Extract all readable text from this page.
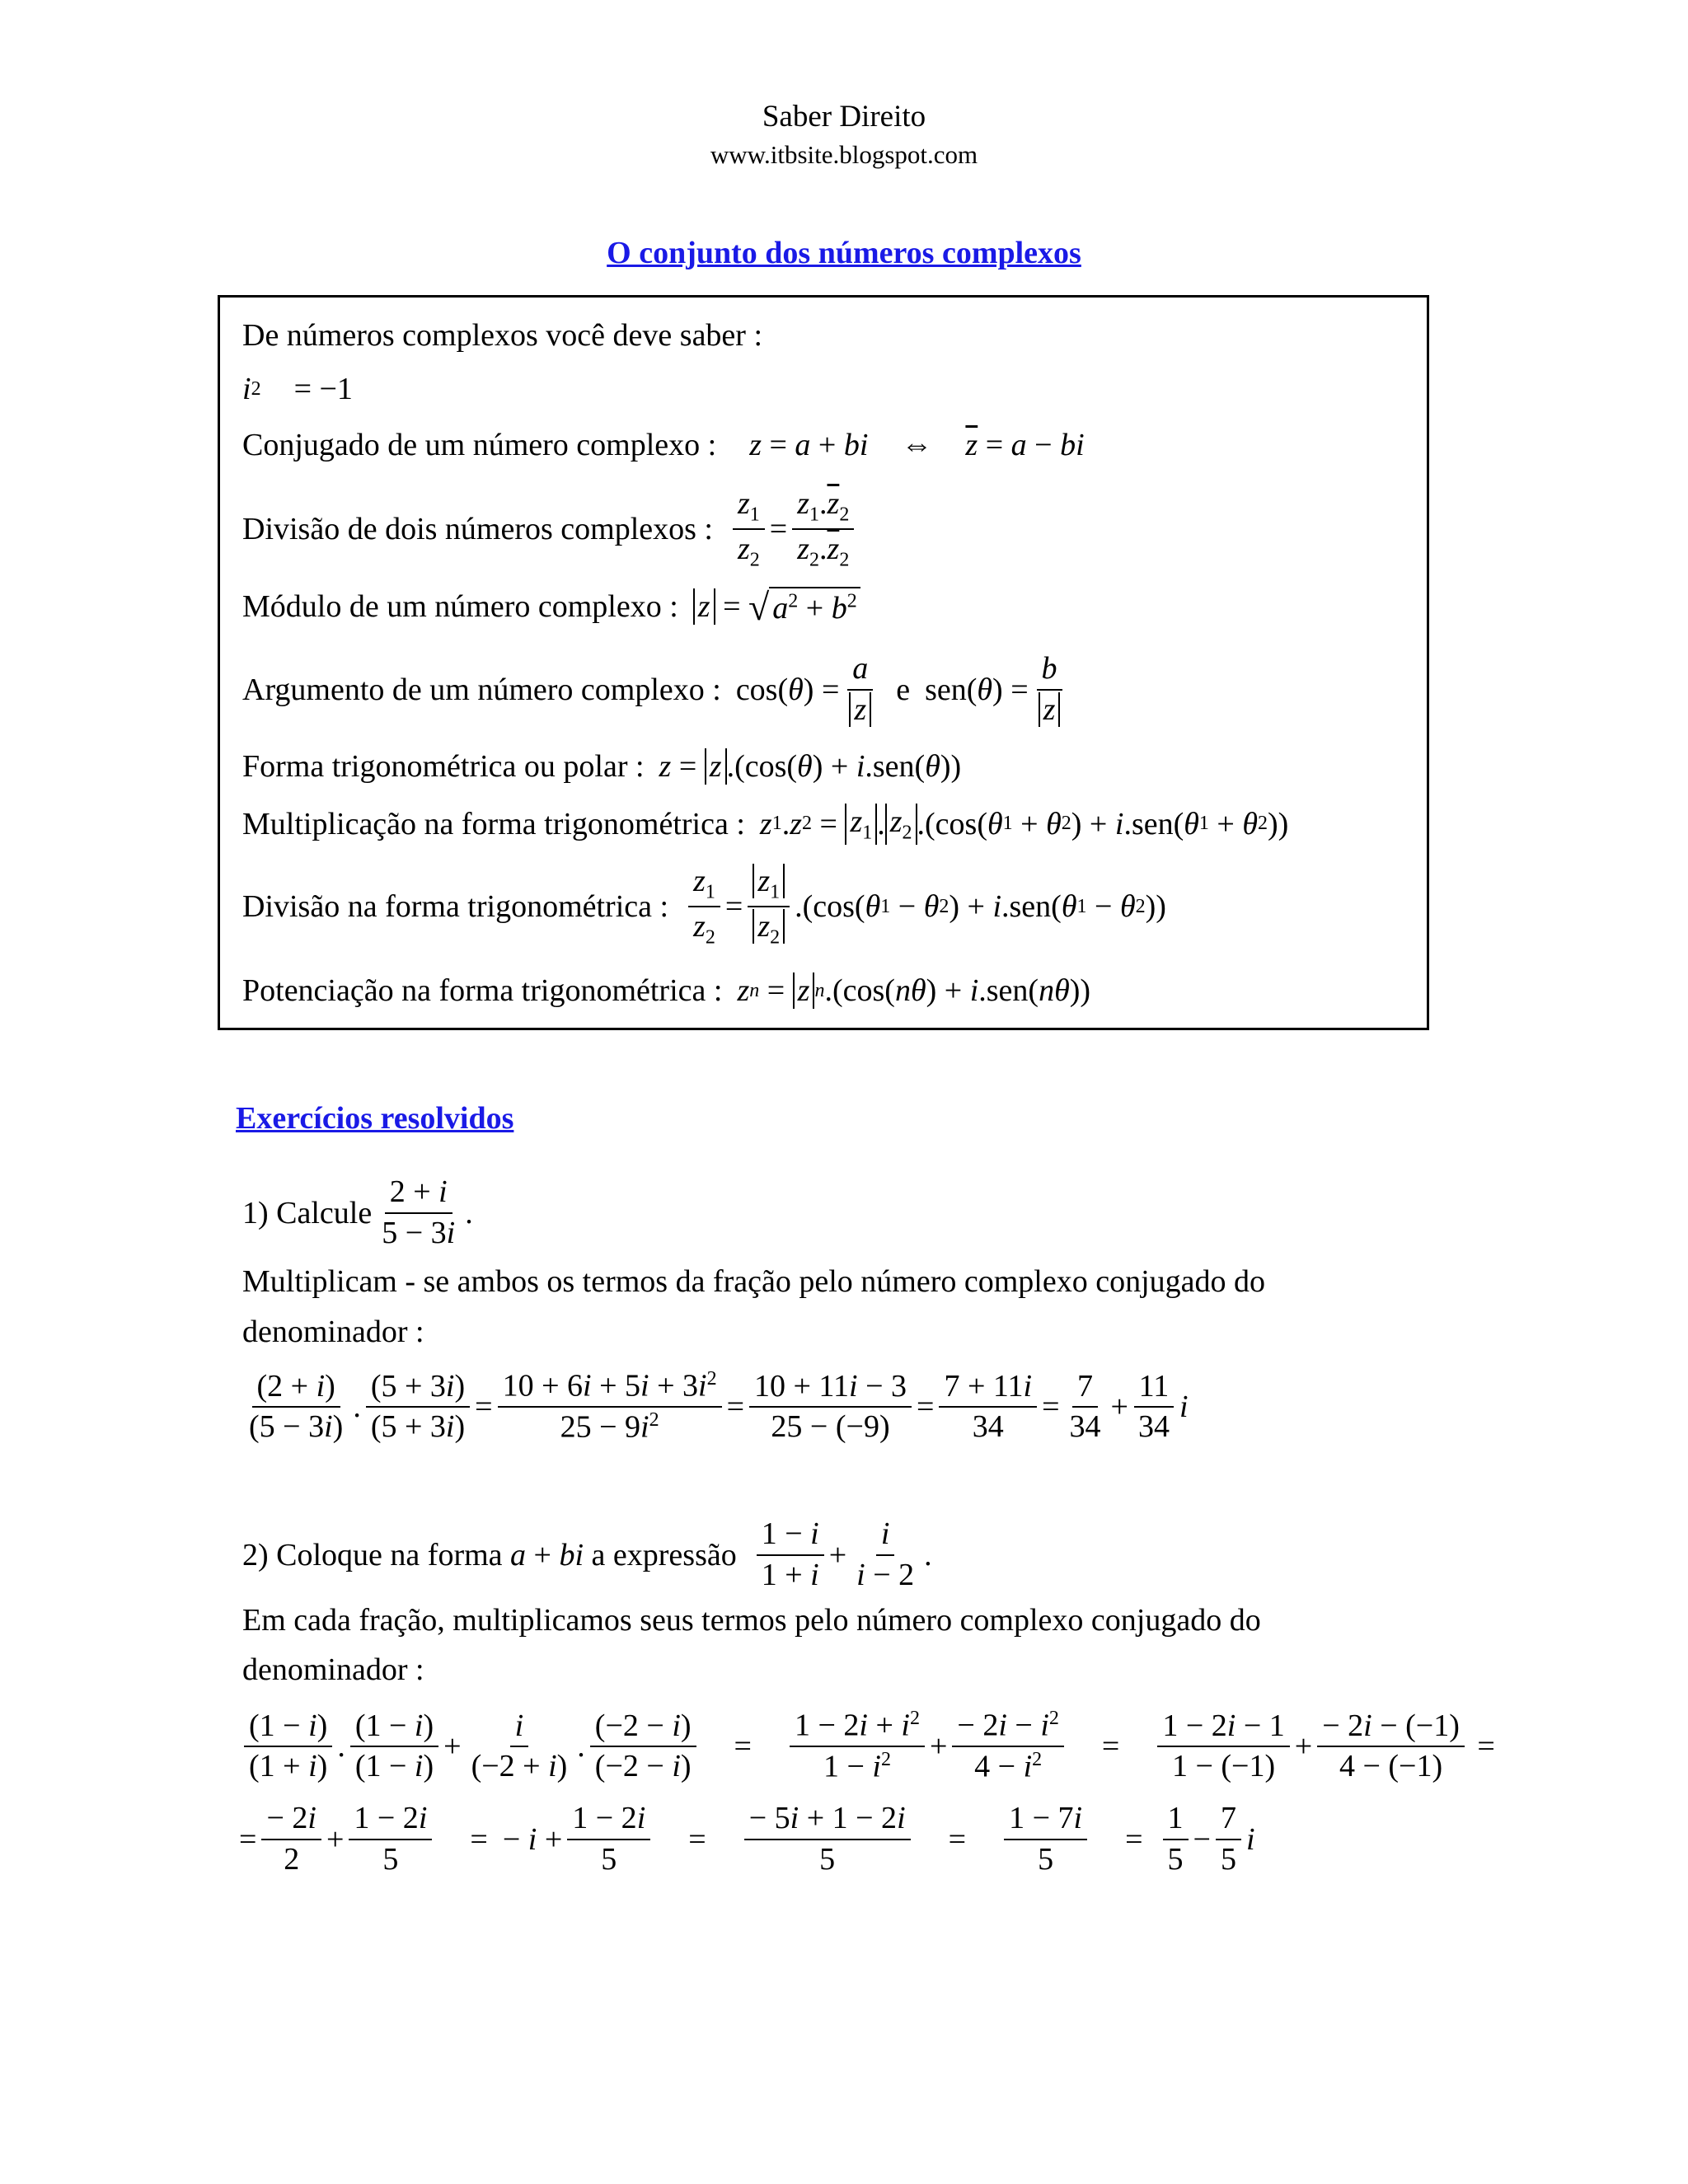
Saber Direito
www.itbsite.blogspot.com
O conjunto dos números complexos
De números complexos você deve saber :
i 2 = −1
Conjugado de um número complexo : z = a + bi ⇔ $\overline{z} = a$ − bi
Divisão de dois números complexos : $\frac{z_1}{z_2} = \frac{z_1.\overline{z}_2}{z_2.\overline{z}_2}$
Módulo de um número complexo : z = √ $a^2 + b^2$
Argumento de um número complexo : cos( θ ) = $\frac{a}{z}$ e sen( θ ) = $\frac{b}{z}$
Forma trigonométrica ou polar : z = z .(cos( θ ) + i .sen( θ ))
Multiplicação na forma trigonométrica : z 1 . z $2 = z_1$ . $z_2$ .(cos( θ 1 + θ 2 ) + i .sen( θ 1 + θ 2 ))
Divisão na forma trigonométrica : $\frac{z_1}{z_2} = \frac{z_1}{z_2} .(\cos$( θ 1 − θ 2 ) + i .sen( θ 1 − θ 2 ))
Potenciação na forma trigonométrica : z n = z n .(cos( nθ ) + i .sen( nθ ))
Exercícios resolvidos
1) Calcule $\frac{2 + i}{5 - 3i}$ .
Multiplicam - se ambos os termos da fração pelo número complexo conjugado do
denominador :
$\frac{(2 + i)}{(5 - 3i)}$ . $\frac{(5 + 3i)}{(5 + 3i)} = \frac{10 + 6i + 5i + 3i^2}{25 - 9i^2} = \frac{10 + 11i - 3}{25 - (-9)} = \frac{7 + 11i}{34} = \frac{7}{34} + \frac{11}{34}$ i
2) Coloque na forma
a + bi
a expressão $\frac{1 - i}{1 + i} + \frac{i}{i - 2}$ .
Em cada fração, multiplicamos seus termos pelo número complexo conjugado do
denominador :
$\frac{(1 - i)}{(1 + i)}$ . $\frac{(1 - i)}{(1 - i)} + \frac{i}{(-2 + i)}$ . $\frac{(-2 - i)}{(-2 - i)} = \frac{1 - 2i + i^2}{1 - i^2} + \frac{- 2i - i^2}{4 - i^2} = \frac{1 - 2i - 1}{1 - (-1)} + \frac{- 2i - (-1)}{4 - (-1)}$ =
= $\frac{- 2i}{2} + \frac{1 - 2i}{5}$ = − $i + \frac{1 - 2i}{5} = \frac{- 5i + 1 - 2i}{5} = \frac{1 - 7i}{5} = \frac{1}{5} - \frac{7}{5}$ i
